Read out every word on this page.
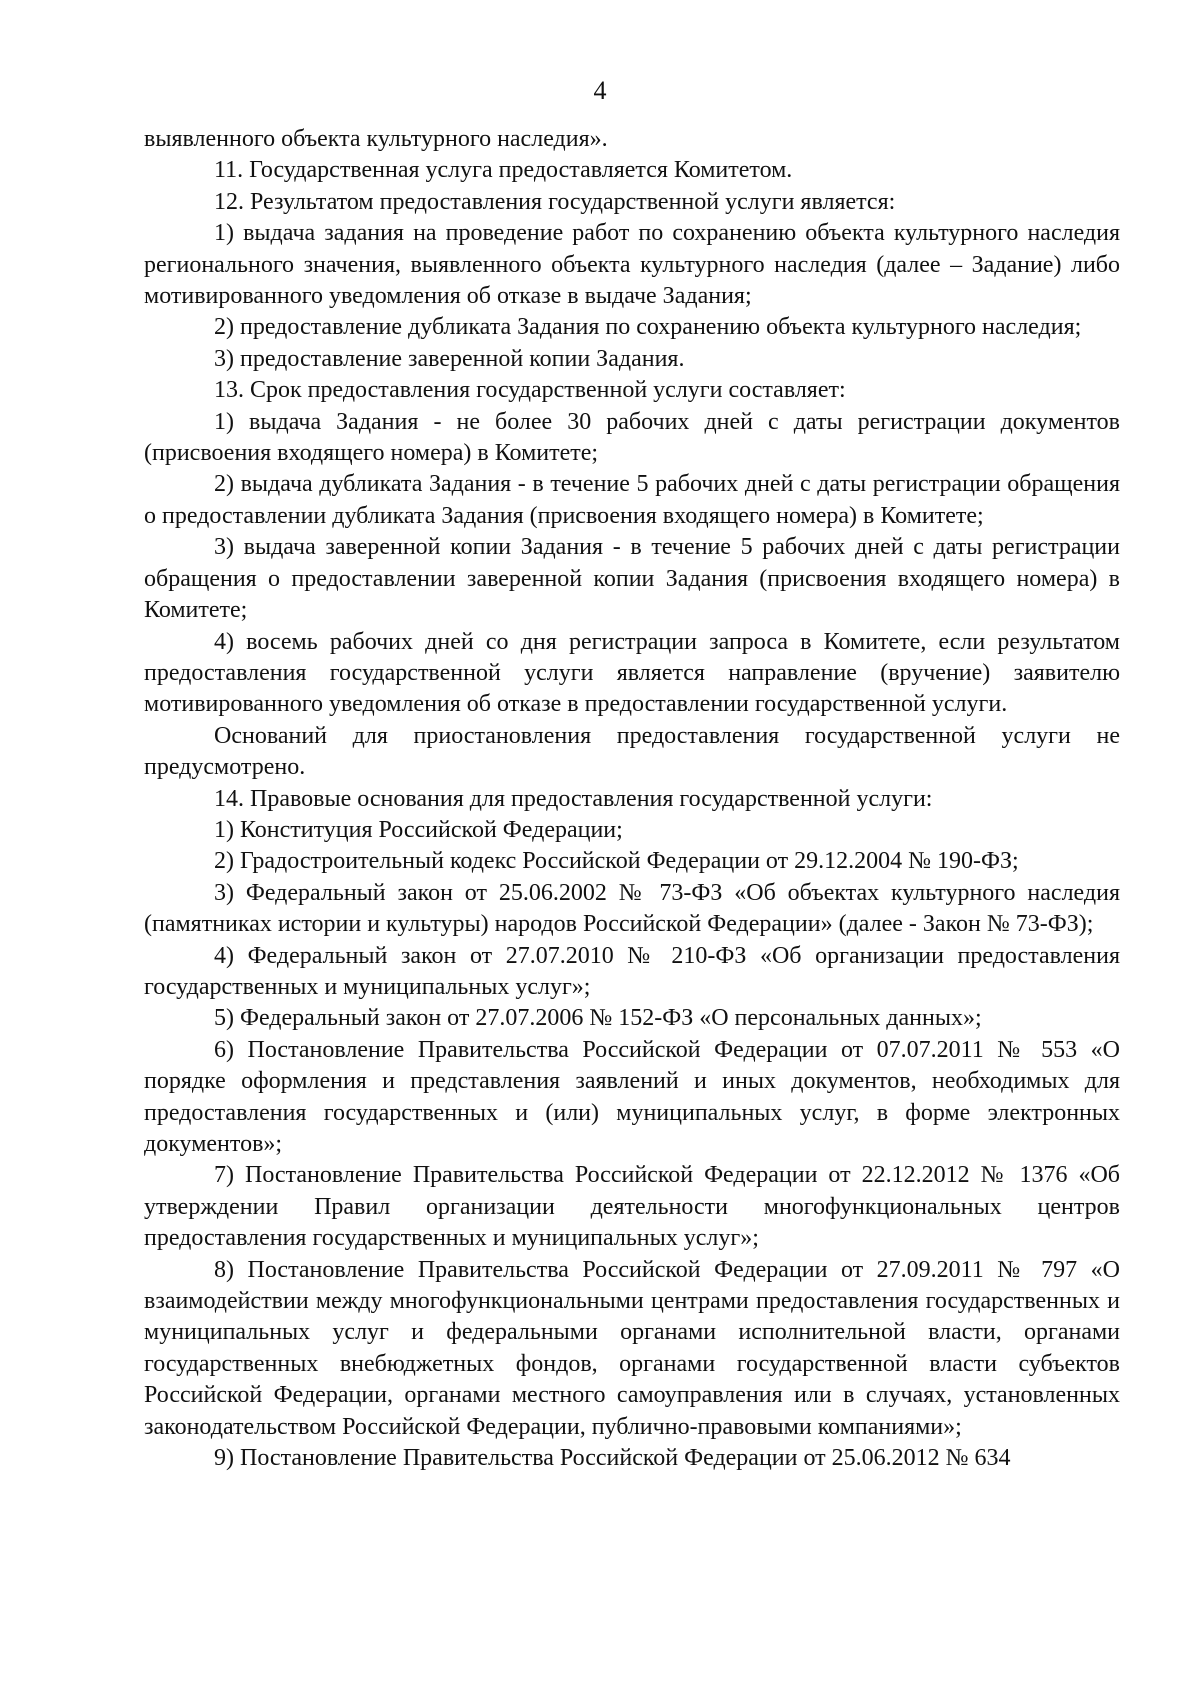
4

выявленного объекта культурного наследия».

11. Государственная услуга предоставляется Комитетом.

12. Результатом предоставления государственной услуги является:

1) выдача задания на проведение работ по сохранению объекта культурного наследия регионального значения, выявленного объекта культурного наследия (далее – Задание) либо мотивированного уведомления об отказе в выдаче Задания;

2) предоставление дубликата Задания по сохранению объекта культурного наследия;

3) предоставление заверенной копии Задания.

13. Срок предоставления государственной услуги составляет:

1) выдача Задания - не более 30 рабочих дней с даты регистрации документов (присвоения входящего номера) в Комитете;

2) выдача дубликата Задания - в течение 5 рабочих дней с даты регистрации обращения о предоставлении дубликата Задания (присвоения входящего номера) в Комитете;

3) выдача заверенной копии Задания - в течение 5 рабочих дней с даты регистрации обращения о предоставлении заверенной копии Задания (присвоения входящего номера) в Комитете;

4) восемь рабочих дней со дня регистрации запроса в Комитете, если результатом предоставления государственной услуги является направление (вручение) заявителю мотивированного уведомления об отказе в предоставлении государственной услуги.

Оснований для приостановления предоставления государственной услуги не предусмотрено.

14. Правовые основания для предоставления государственной услуги:

1) Конституция Российской Федерации;

2) Градостроительный кодекс Российской Федерации от 29.12.2004 № 190-ФЗ;

3) Федеральный закон от 25.06.2002 № 73-ФЗ «Об объектах культурного наследия (памятниках истории и культуры) народов Российской Федерации» (далее - Закон № 73-ФЗ);

4) Федеральный закон от 27.07.2010 № 210-ФЗ «Об организации предоставления государственных и муниципальных услуг»;

5) Федеральный закон от 27.07.2006 № 152-ФЗ «О персональных данных»;

6) Постановление Правительства Российской Федерации от 07.07.2011 № 553 «О порядке оформления и представления заявлений и иных документов, необходимых для предоставления государственных и (или) муниципальных услуг, в форме электронных документов»;

7) Постановление Правительства Российской Федерации от 22.12.2012 № 1376 «Об утверждении Правил организации деятельности многофункциональных центров предоставления государственных и муниципальных услуг»;

8) Постановление Правительства Российской Федерации от 27.09.2011 № 797 «О взаимодействии между многофункциональными центрами предоставления государственных и муниципальных услуг и федеральными органами исполнительной власти, органами государственных внебюджетных фондов, органами государственной власти субъектов Российской Федерации, органами местного самоуправления или в случаях, установленных законодательством Российской Федерации, публично-правовыми компаниями»;

9) Постановление Правительства Российской Федерации от 25.06.2012 № 634
